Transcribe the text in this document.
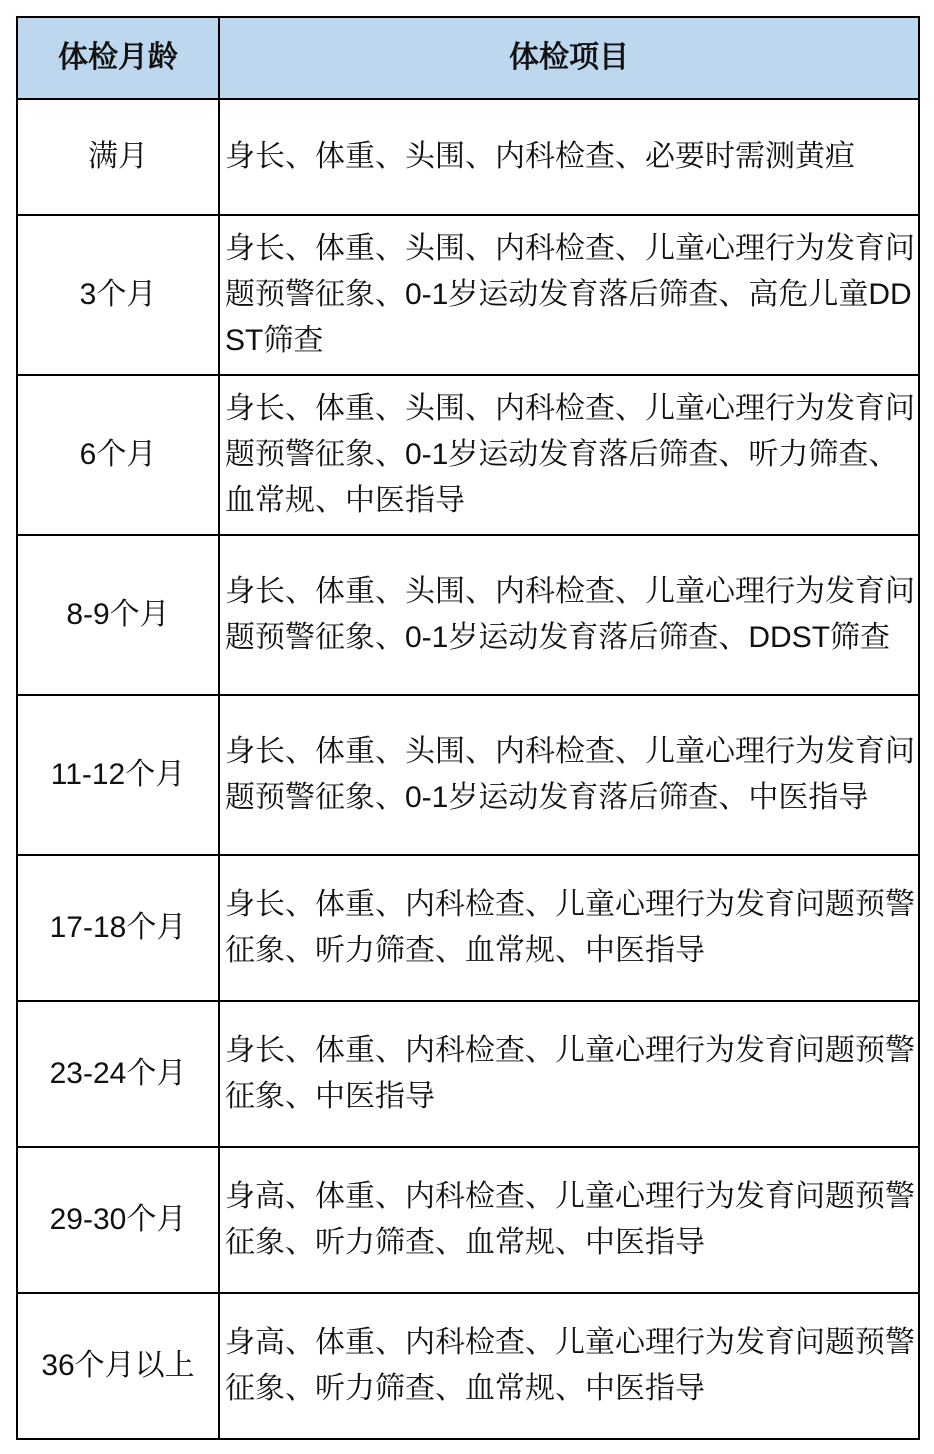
体检月龄	体检项目
满月	身长、体重、头围、内科检查、必要时需测黄疸
3个月	身长、体重、头围、内科检查、儿童心理行为发育问题预警征象、0-1岁运动发育落后筛查、高危儿童DDST筛查
6个月	身长、体重、头围、内科检查、儿童心理行为发育问题预警征象、0-1岁运动发育落后筛查、听力筛查、血常规、中医指导
8-9个月	身长、体重、头围、内科检查、儿童心理行为发育问题预警征象、0-1岁运动发育落后筛查、DDST筛查
11-12个月	身长、体重、头围、内科检查、儿童心理行为发育问题预警征象、0-1岁运动发育落后筛查、中医指导
17-18个月	身长、体重、内科检查、儿童心理行为发育问题预警征象、听力筛查、血常规、中医指导
23-24个月	身长、体重、内科检查、儿童心理行为发育问题预警征象、中医指导
29-30个月	身高、体重、内科检查、儿童心理行为发育问题预警征象、听力筛查、血常规、中医指导
36个月以上	身高、体重、内科检查、儿童心理行为发育问题预警征象、听力筛查、血常规、中医指导
